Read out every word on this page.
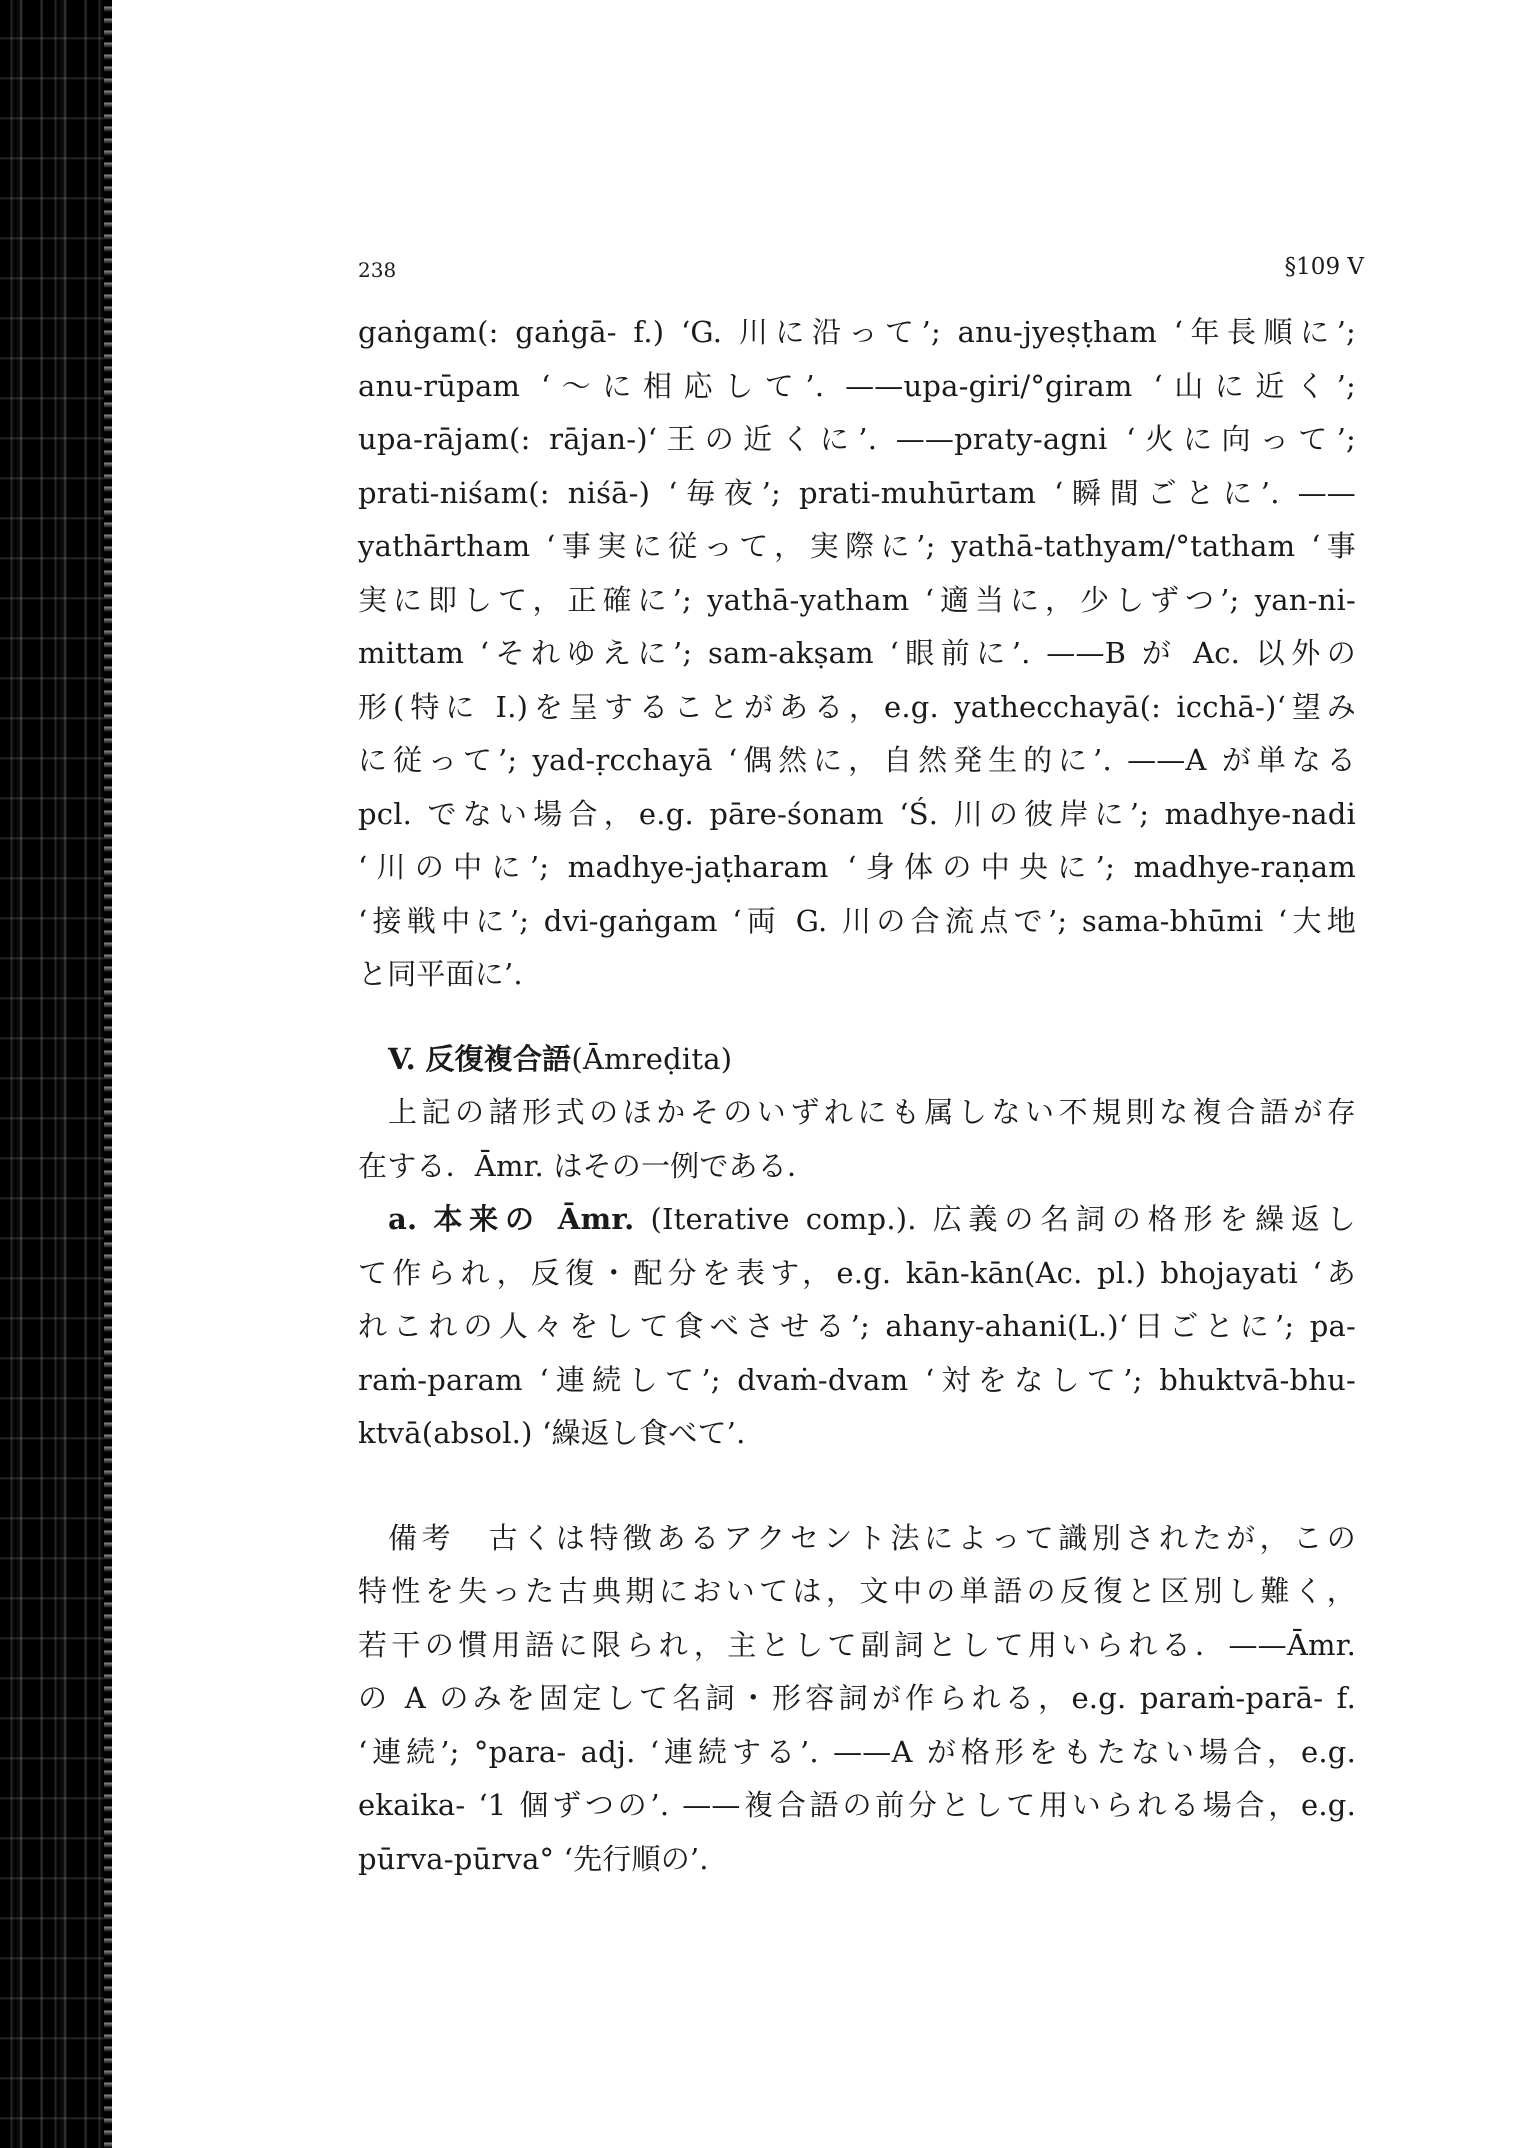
238	§109 V
gaṅgam(: gaṅgā- f.) ‘G. 川に沿って’; anu-jyeṣṭham ‘年長順に’;
anu-rūpam ‘～に相応して’. ——upa-giri/°giram ‘山に近く’;
upa-rājam(: rājan-)‘王の近くに’. ——praty-agni ‘火に向って’;
prati-niśam(: niśā-) ‘毎夜’; prati-muhūrtam ‘瞬間ごとに’. ——
yathārtham ‘事実に従って，実際に’; yathā-tathyam/°tatham ‘事
実に即して，正確に’; yathā-yatham ‘適当に，少しずつ’; yan-ni-
mittam ‘それゆえに’; sam-akṣam ‘眼前に’. ——B が Ac. 以外の
形(特に I.)を呈することがある，e.g. yathecchayā(: icchā-)‘望み
に従って’; yad-ṛcchayā ‘偶然に，自然発生的に’. ——A が単なる
pcl. でない場合，e.g. pāre-śonam ‘Ś. 川の彼岸に’; madhye-nadi
‘川の中に’; madhye-jaṭharam ‘身体の中央に’; madhye-raṇam
‘接戦中に’; dvi-gaṅgam ‘両 G. 川の合流点で’; sama-bhūmi ‘大地
と同平面に’.
V. 反復複合語(Āmreḍita)
上記の諸形式のほかそのいずれにも属しない不規則な複合語が存
在する．Āmr. はその一例である．
a. 本来の Āmr. (Iterative comp.). 広義の名詞の格形を繰返し
て作られ，反復・配分を表す，e.g. kān-kān(Ac. pl.) bhojayati ‘あ
れこれの人々をして食べさせる’; ahany-ahani(L.)‘日ごとに’; pa-
raṁ-param ‘連続して’; dvaṁ-dvam ‘対をなして’; bhuktvā-bhu-
ktvā(absol.) ‘繰返し食べて’.
備考　古くは特徴あるアクセント法によって識別されたが，この
特性を失った古典期においては，文中の単語の反復と区別し難く，
若干の慣用語に限られ，主として副詞として用いられる．——Āmr.
の A のみを固定して名詞・形容詞が作られる，e.g. paraṁ-parā- f.
‘連続’; °para- adj. ‘連続する’. ——A が格形をもたない場合，e.g.
ekaika- ‘1 個ずつの’. ——複合語の前分として用いられる場合，e.g.
pūrva-pūrva° ‘先行順の’.
